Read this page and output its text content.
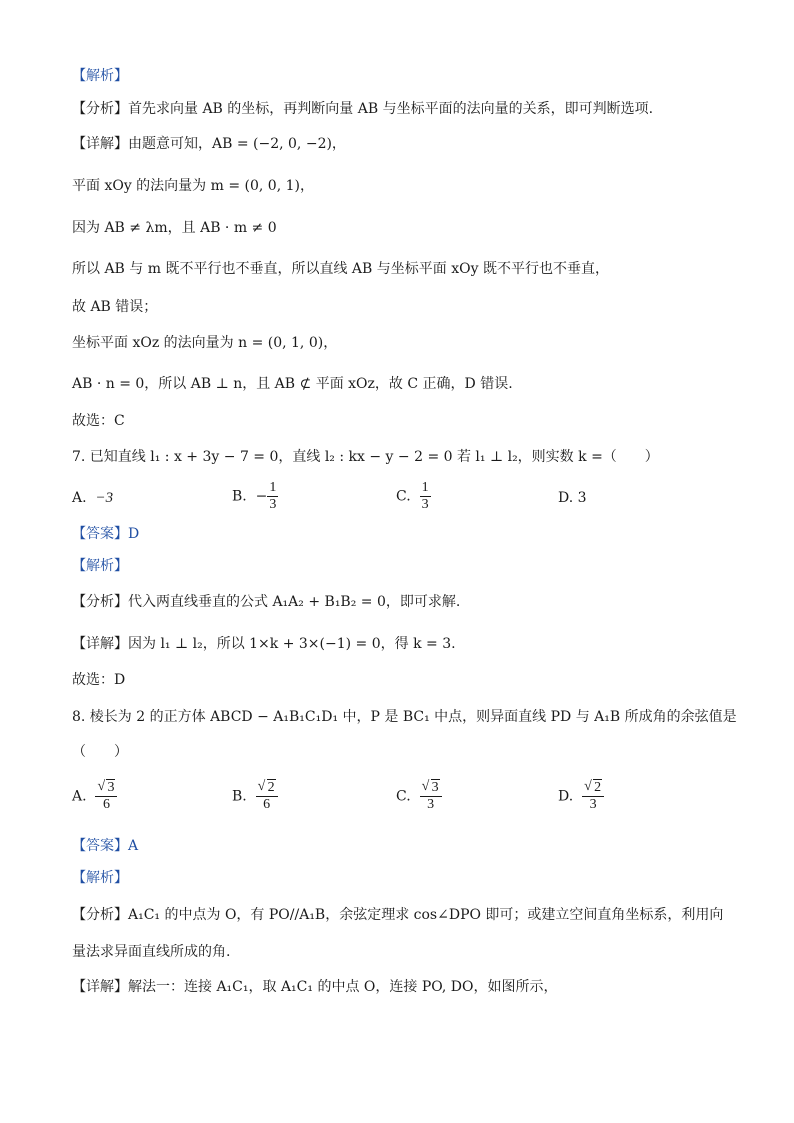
【解析】
【分析】首先求向量 AB 的坐标，再判断向量 AB 与坐标平面的法向量的关系，即可判断选项.
【详解】由题意可知，AB = (−2, 0, −2)，
平面 xOy 的法向量为 m = (0, 0, 1)，
因为 AB ≠ λm，且 AB · m ≠ 0
所以 AB 与 m 既不平行也不垂直，所以直线 AB 与坐标平面 xOy 既不平行也不垂直，
故 AB 错误；
坐标平面 xOz 的法向量为 n = (0, 1, 0)，
AB · n = 0，所以 AB ⊥ n，且 AB ⊄ 平面 xOz，故 C 正确，D 错误.
故选：C
7. 已知直线 l₁ : x + 3y − 7 = 0，直线 l₂ : kx − y − 2 = 0 若 l₁ ⊥ l₂，则实数 k =（　　）
A. −3	B. − $\frac{1}{3}$	C. $\frac{1}{3}$	D. 3
【答案】D
【解析】
【分析】代入两直线垂直的公式 A₁A₂ + B₁B₂ = 0，即可求解.
【详解】因为 l₁ ⊥ l₂，所以 1×k + 3×(−1) = 0，得 k = 3.
故选：D
8. 棱长为 2 的正方体 ABCD − A₁B₁C₁D₁ 中，P 是 BC₁ 中点，则异面直线 PD 与 A₁B 所成角的余弦值是
（　　）
A. √ $\frac{3}{6}$	B. √ $\frac{2}{6}$	C. √ $\frac{3}{3}$	D. √ $\frac{2}{3}$
【答案】A
【解析】
【分析】A₁C₁ 的中点为 O，有 PO//A₁B，余弦定理求 cos∠DPO 即可；或建立空间直角坐标系，利用向
量法求异面直线所成的角.
【详解】解法一：连接 A₁C₁，取 A₁C₁ 的中点 O，连接 PO, DO，如图所示，
